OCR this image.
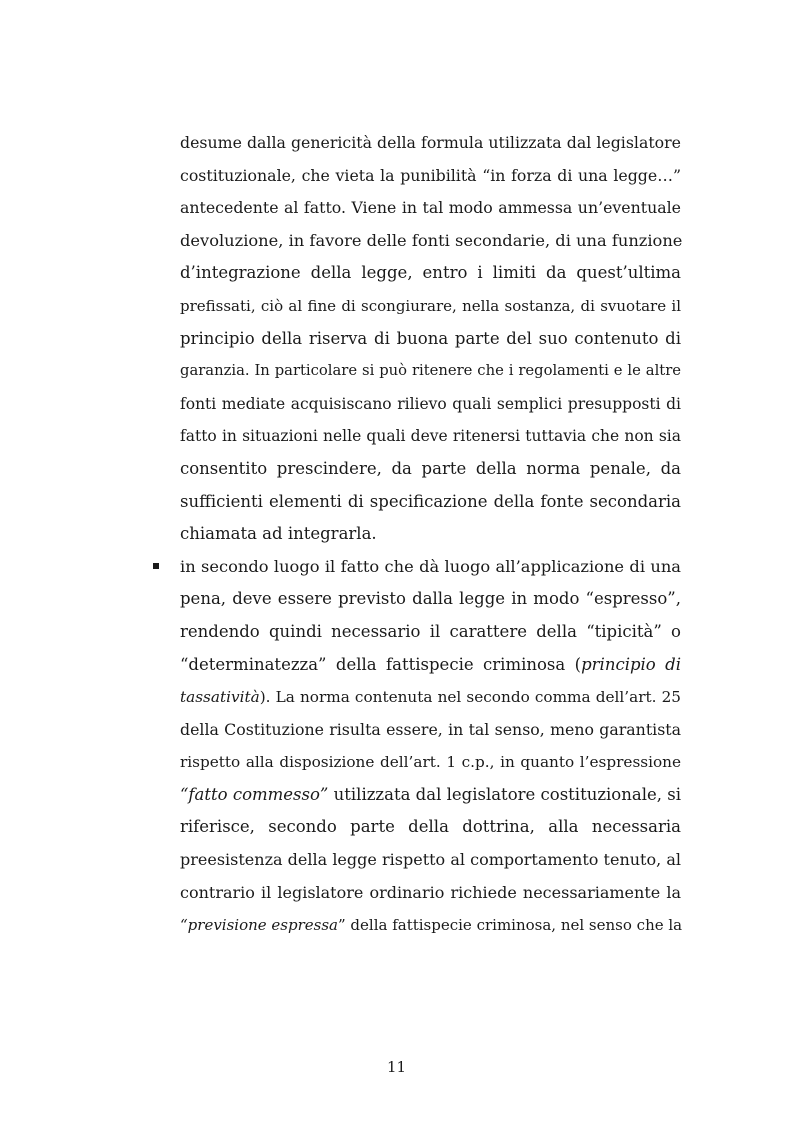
desume dalla genericità della formula utilizzata dal legislatore
costituzionale, che vieta la punibilità “in forza di una legge…”
antecedente al fatto. Viene in tal modo ammessa un’eventuale
devoluzione, in favore delle fonti secondarie, di una funzione
d’integrazione della legge, entro i limiti da quest’ultima
prefissati, ciò al fine di scongiurare, nella sostanza, di svuotare il
principio della riserva di buona parte del suo contenuto di
garanzia. In particolare si può ritenere che i regolamenti e le altre
fonti mediate acquisiscano rilievo quali semplici presupposti di
fatto in situazioni nelle quali deve ritenersi tuttavia che non sia
consentito prescindere, da parte della norma penale, da
sufficienti elementi di specificazione della fonte secondaria
chiamata ad integrarla.

in secondo luogo il fatto che dà luogo all’applicazione di una
pena, deve essere previsto dalla legge in modo “espresso”,
rendendo quindi necessario il carattere della “tipicità” o
“determinatezza” della fattispecie criminosa (principio di
tassatività). La norma contenuta nel secondo comma dell’art. 25
della Costituzione risulta essere, in tal senso, meno garantista
rispetto alla disposizione dell’art. 1 c.p., in quanto l’espressione
“fatto commesso” utilizzata dal legislatore costituzionale, si
riferisce, secondo parte della dottrina, alla necessaria
preesistenza della legge rispetto al comportamento tenuto, al
contrario il legislatore ordinario richiede necessariamente la
“previsione espressa” della fattispecie criminosa, nel senso che la

11
